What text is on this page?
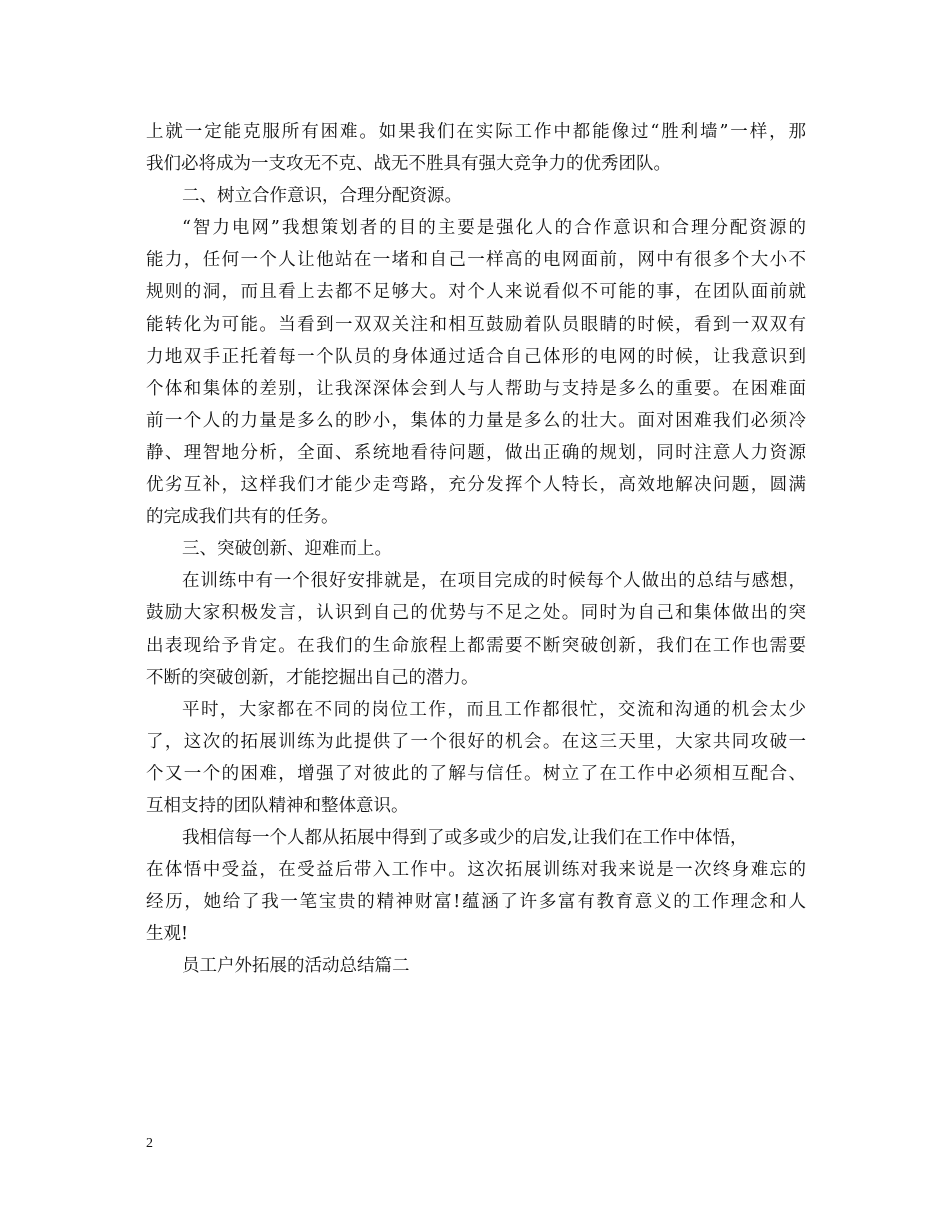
上就一定能克服所有困难。如果我们在实际工作中都能像过“胜利墙”一样，那
我们必将成为一支攻无不克、战无不胜具有强大竞争力的优秀团队。
二、树立合作意识，合理分配资源。
“智力电网”我想策划者的目的主要是强化人的合作意识和合理分配资源的
能力，任何一个人让他站在一堵和自己一样高的电网面前，网中有很多个大小不
规则的洞，而且看上去都不足够大。对个人来说看似不可能的事，在团队面前就
能转化为可能。当看到一双双关注和相互鼓励着队员眼睛的时候，看到一双双有
力地双手正托着每一个队员的身体通过适合自己体形的电网的时候，让我意识到
个体和集体的差别，让我深深体会到人与人帮助与支持是多么的重要。在困难面
前一个人的力量是多么的眇小，集体的力量是多么的壮大。面对困难我们必须冷
静、理智地分析，全面、系统地看待问题，做出正确的规划，同时注意人力资源
优劣互补，这样我们才能少走弯路，充分发挥个人特长，高效地解决问题，圆满
的完成我们共有的任务。
三、突破创新、迎难而上。
在训练中有一个很好安排就是，在项目完成的时候每个人做出的总结与感想，
鼓励大家积极发言，认识到自己的优势与不足之处。同时为自己和集体做出的突
出表现给予肯定。在我们的生命旅程上都需要不断突破创新，我们在工作也需要
不断的突破创新，才能挖掘出自己的潜力。
平时，大家都在不同的岗位工作，而且工作都很忙，交流和沟通的机会太少
了，这次的拓展训练为此提供了一个很好的机会。在这三天里，大家共同攻破一
个又一个的困难，增强了对彼此的了解与信任。树立了在工作中必须相互配合、
互相支持的团队精神和整体意识。
我相信每一个人都从拓展中得到了或多或少的启发,让我们在工作中体悟，
在体悟中受益，在受益后带入工作中。这次拓展训练对我来说是一次终身难忘的
经历，她给了我一笔宝贵的精神财富!蕴涵了许多富有教育意义的工作理念和人
生观!
员工户外拓展的活动总结篇二
2
